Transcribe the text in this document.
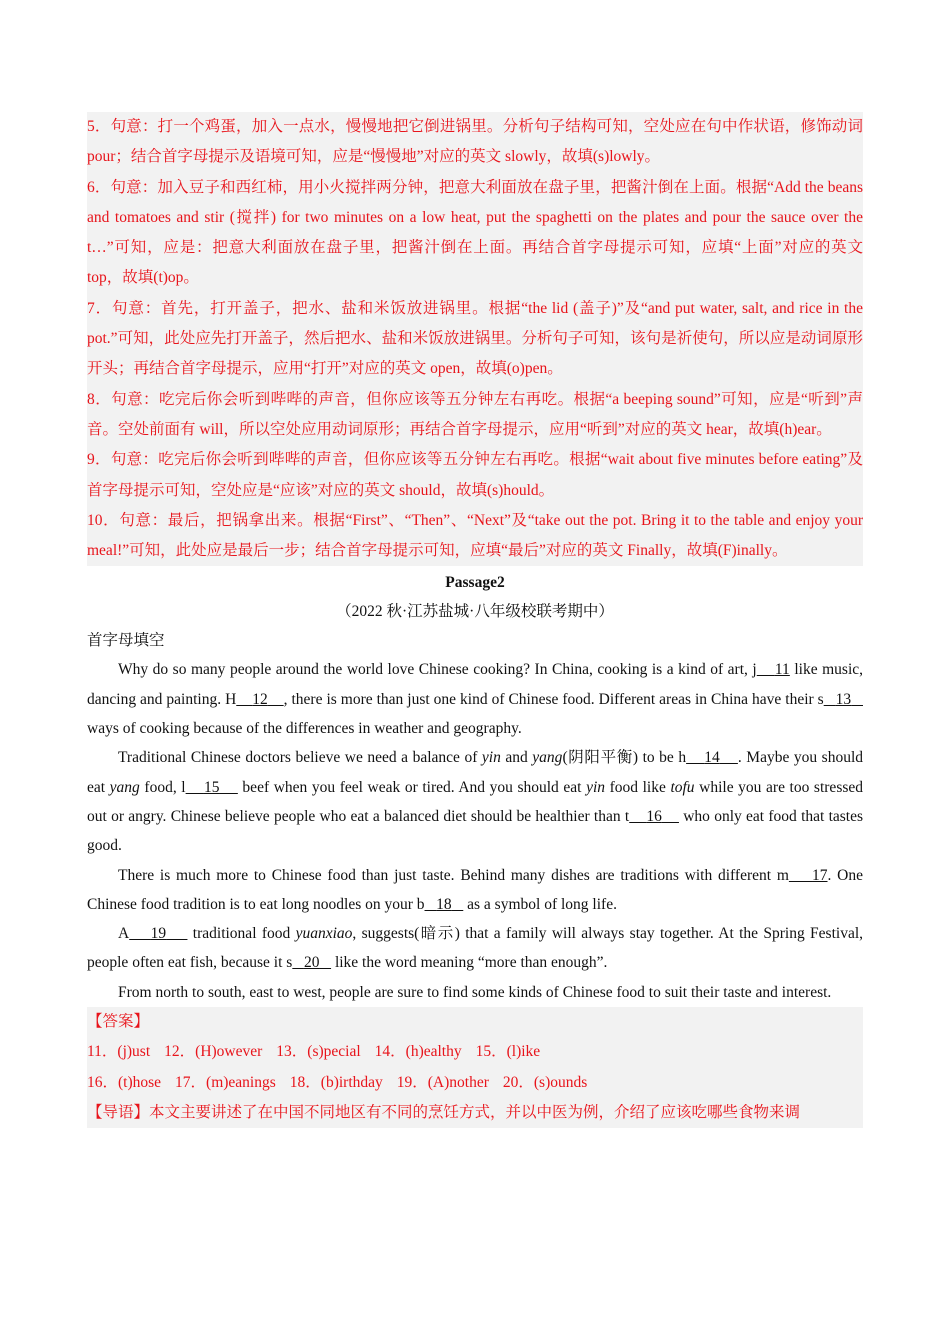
5．句意：打一个鸡蛋，加入一点水，慢慢地把它倒进锅里。分析句子结构可知，空处应在句中作状语，修饰动词 pour；结合首字母提示及语境可知，应是“慢慢地”对应的英文 slowly，故填(s)lowly。

6．句意：加入豆子和西红柿，用小火搅拌两分钟，把意大利面放在盘子里，把酱汁倒在上面。根据“Add the beans and tomatoes and stir (搅拌) for two minutes on a low heat, put the spaghetti on the plates and pour the sauce over the t…”可知，应是：把意大利面放在盘子里，把酱汁倒在上面。再结合首字母提示可知，应填“上面”对应的英文 top，故填(t)op。

7．句意：首先，打开盖子，把水、盐和米饭放进锅里。根据“the lid (盖子)”及“and put water, salt, and rice in the pot.”可知，此处应先打开盖子，然后把水、盐和米饭放进锅里。分析句子可知，该句是祈使句，所以应是动词原形开头；再结合首字母提示，应用“打开”对应的英文 open，故填(o)pen。

8．句意：吃完后你会听到哔哔的声音，但你应该等五分钟左右再吃。根据“a beeping sound”可知，应是“听到”声音。空处前面有 will，所以空处应用动词原形；再结合首字母提示，应用“听到”对应的英文 hear，故填(h)ear。

9．句意：吃完后你会听到哔哔的声音，但你应该等五分钟左右再吃。根据“wait about five minutes before eating”及首字母提示可知，空处应是“应该”对应的英文 should，故填(s)hould。

10．句意：最后，把锅拿出来。根据“First”、“Then”、“Next”及“take out the pot. Bring it to the table and enjoy your meal!”可知，此处应是最后一步；结合首字母提示可知，应填“最后”对应的英文 Finally，故填(F)inally。

Passage2

（2022 秋·江苏盐城·八年级校联考期中）

首字母填空

Why do so many people around the world love Chinese cooking? In China, cooking is a kind of art, j 11 like music, dancing and painting. H 12 , there is more than just one kind of Chinese food. Different areas in China have their s 13    ways of cooking because of the differences in weather and geography.

Traditional Chinese doctors believe we need a balance of yin and yang(阴阳平衡) to be h 14 . Maybe you should eat yang food, l 15     beef when you feel weak or tired. And you should eat yin food like tofu while you are too stressed out or angry. Chinese believe people who eat a balanced diet should be healthier than t 16     who only eat food that tastes good.

There is much more to Chinese food than just taste. Behind many dishes are traditions with different m 17. One Chinese food tradition is to eat long noodles on your b 18    as a symbol of long life.

A 19     traditional food yuanxiao, suggests(暗示) that a family will always stay together. At the Spring Festival, people often eat fish, because it s 20    like the word meaning “more than enough”.

From north to south, east to west, people are sure to find some kinds of Chinese food to suit their taste and interest.

【答案】

11．(j)ust 12．(H)owever 13．(s)pecial 14．(h)ealthy 15．(l)ike

16．(t)hose 17．(m)eanings 18．(b)irthday 19．(A)nother 20．(s)ounds

【导语】本文主要讲述了在中国不同地区有不同的烹饪方式，并以中医为例，介绍了应该吃哪些食物来调
